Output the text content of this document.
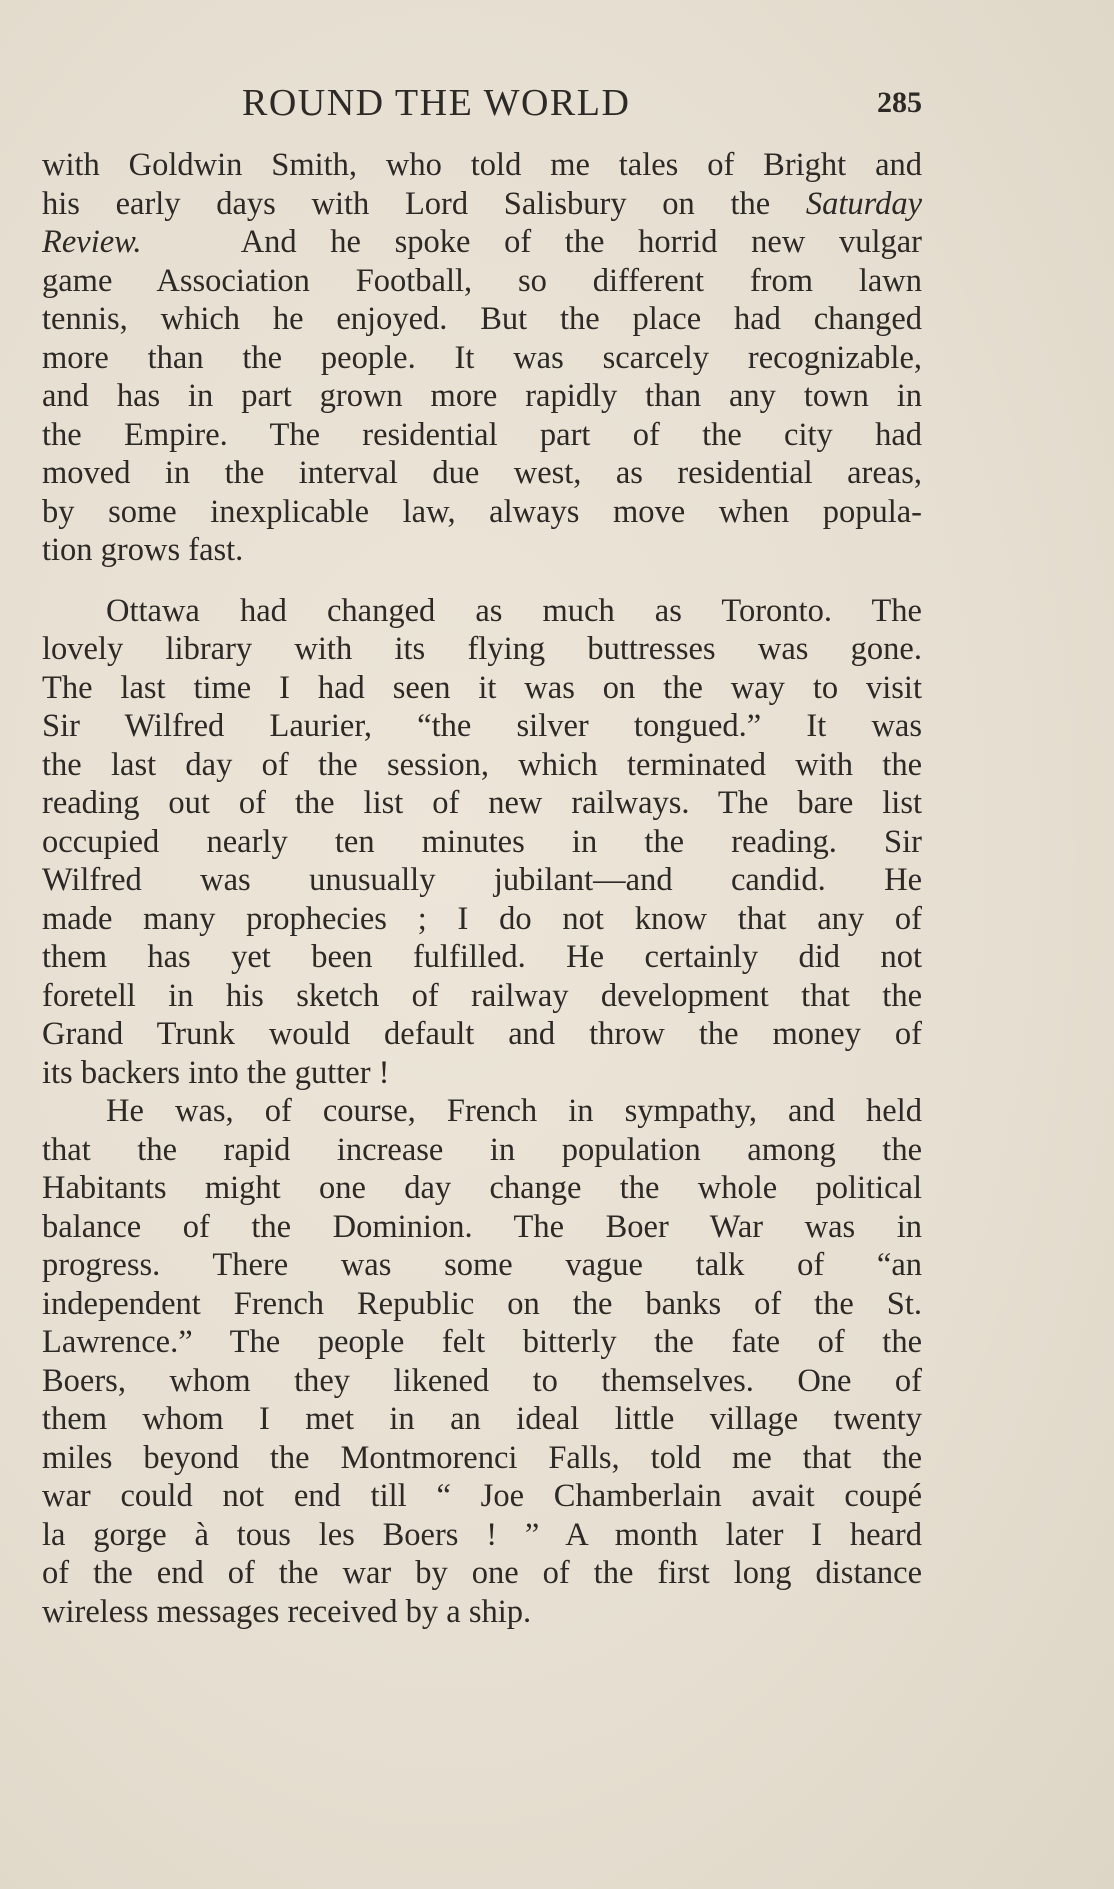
ROUND THE WORLD	285
with Goldwin Smith, who told me tales of Bright and
his early days with Lord Salisbury on the Saturday
Review.	And he spoke of the horrid new vulgar
game Association Football, so different from lawn
tennis, which he enjoyed. But the place had changed
more than the people. It was scarcely recognizable,
and has in part grown more rapidly than any town in
the Empire. The residential part of the city had
moved in the interval due west, as residential areas,
by some inexplicable law, always move when popula-
tion grows fast.
Ottawa had changed as much as Toronto. The
lovely library with its flying buttresses was gone.
The last time I had seen it was on the way to visit
Sir Wilfred Laurier, “the silver tongued.” It was
the last day of the session, which terminated with the
reading out of the list of new railways. The bare list
occupied nearly ten minutes in the reading. Sir
Wilfred was unusually jubilant—and candid. He
made many prophecies ; I do not know that any of
them has yet been fulfilled. He certainly did not
foretell in his sketch of railway development that the
Grand Trunk would default and throw the money of
its backers into the gutter !
He was, of course, French in sympathy, and held
that the rapid increase in population among the
Habitants might one day change the whole political
balance of the Dominion. The Boer War was in
progress. There was some vague talk of “an
independent French Republic on the banks of the St.
Lawrence.” The people felt bitterly the fate of the
Boers, whom they likened to themselves. One of
them whom I met in an ideal little village twenty
miles beyond the Montmorenci Falls, told me that the
war could not end till “ Joe Chamberlain avait coupé
la gorge à tous les Boers ! ” A month later I heard
of the end of the war by one of the first long distance
wireless messages received by a ship.
